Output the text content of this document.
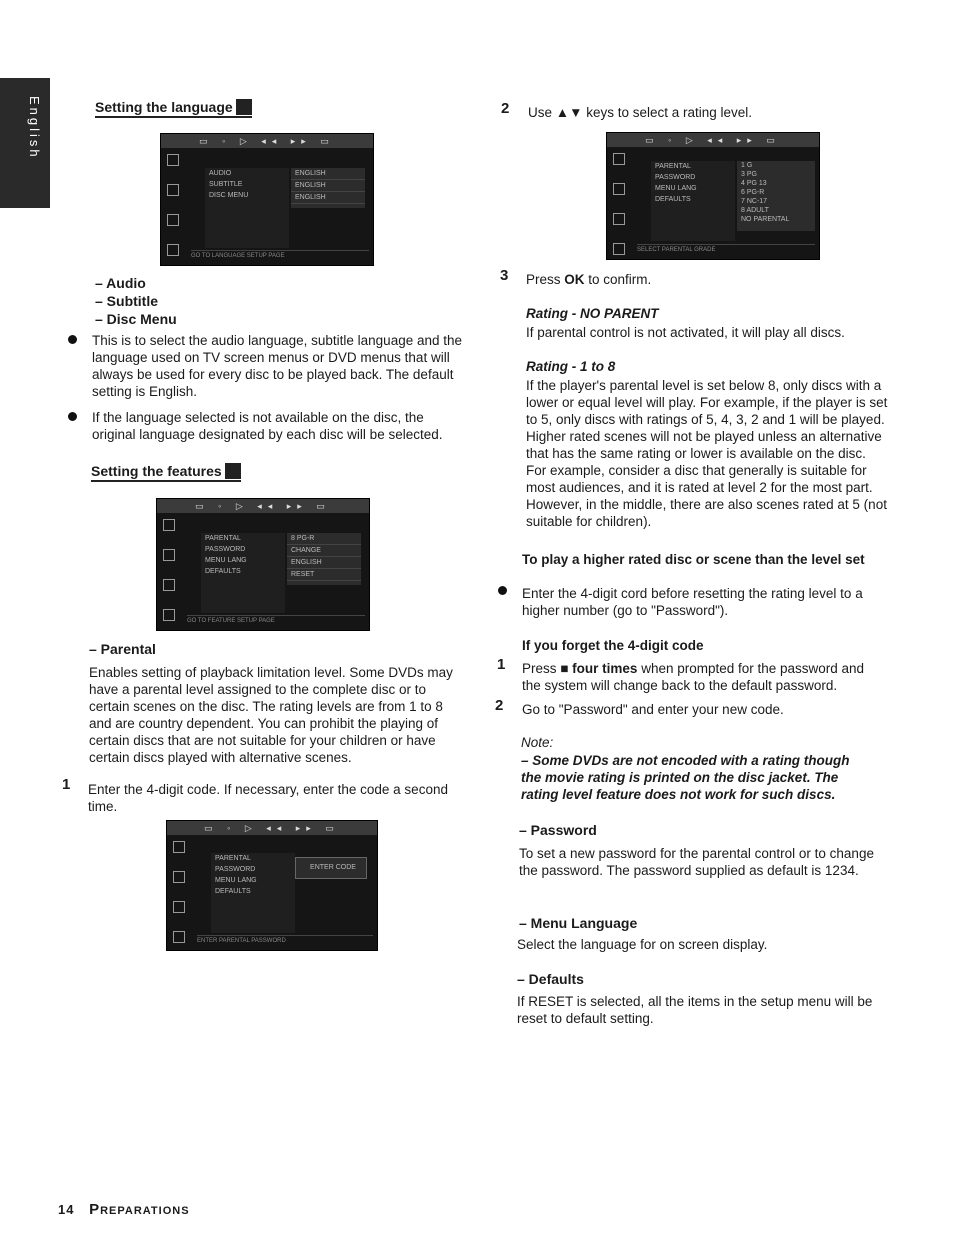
English	Setting the language
▭ ◦ ▷ ◂◂ ▸▸ ▭
AUDIO
SUBTITLE
DISC MENU
ENGLISH
ENGLISH
ENGLISH
GO TO LANGUAGE SETUP PAGE
– Audio
– Subtitle
– Disc Menu
This is to select the audio language, subtitle language and the language used on TV screen menus or DVD menus that will always be used for every disc to be played back. The default setting is English.
If the language selected is not available on the disc, the original language designated by each disc will be selected.
Setting the features
▭ ◦ ▷ ◂◂ ▸▸ ▭
PARENTAL
PASSWORD
MENU LANG
DEFAULTS
8 PG-R
CHANGE
ENGLISH
RESET
GO TO FEATURE SETUP PAGE
– Parental
Enables setting of playback limitation level. Some DVDs may have a parental level assigned to the complete disc or to certain scenes on the disc. The rating levels are from 1 to 8 and are country dependent. You can prohibit the playing of certain discs that are not suitable for your children or have certain discs played with alternative scenes.
1 Enter the 4-digit code. If necessary, enter the code a second time.
▭ ◦ ▷ ◂◂ ▸▸ ▭
PARENTAL
PASSWORD
MENU LANG
DEFAULTS
ENTER CODE
ENTER PARENTAL PASSWORD
2 Use ▲▼ keys to select a rating level.
▭ ◦ ▷ ◂◂ ▸▸ ▭
PARENTAL
PASSWORD
MENU LANG
DEFAULTS
1 G
3 PG
4 PG 13
6 PG-R
7 NC-17
8 ADULT
NO PARENTAL
SELECT PARENTAL GRADE
3 Press OK to confirm.
Rating - NO PARENT
If parental control is not activated, it will play all discs.
Rating - 1 to 8
If the player's parental level is set below 8, only discs with a lower or equal level will play. For example, if the player is set to 5, only discs with ratings of 5, 4, 3, 2 and 1 will be played. Higher rated scenes will not be played unless an alternative that has the same rating or lower is available on the disc. For example, consider a disc that generally is suitable for most audiences, and it is rated at level 2 for the most part. However, in the middle, there are also scenes rated at 5 (not suitable for children).
To play a higher rated disc or scene than the level set
Enter the 4-digit cord before resetting the rating level to a higher number (go to "Password").
If you forget the 4-digit code
1 Press ■ four times when prompted for the password and the system will change back to the default password.
2 Go to "Password" and enter your new code.
Note:
– Some DVDs are not encoded with a rating though the movie rating is printed on the disc jacket. The rating level feature does not work for such discs.
– Password
To set a new password for the parental control or to change the password. The password supplied as default is 1234.
– Menu Language
Select the language for on screen display.
– Defaults
If RESET is selected, all the items in the setup menu will be reset to default setting.
14 Preparations
